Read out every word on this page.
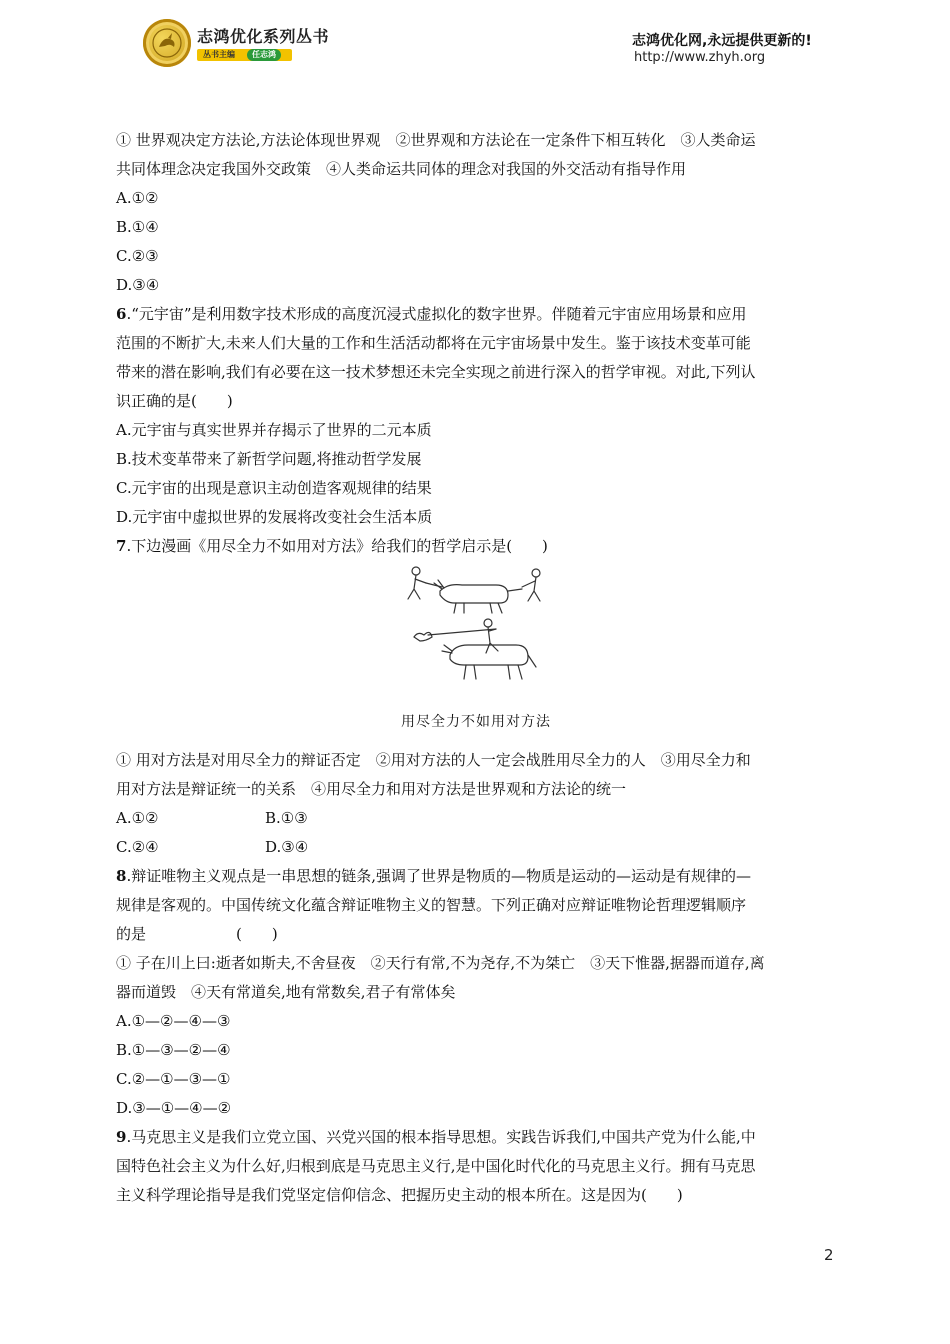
志鸿优化系列丛书
丛书主编	任志鸿
志鸿优化网,永远提供更新的!
http://www.zhyh.org
① 世界观决定方法论,方法论体现世界观　②世界观和方法论在一定条件下相互转化　③人类命运
共同体理念决定我国外交政策　④人类命运共同体的理念对我国的外交活动有指导作用
A.①②
B.①④
C.②③
D.③④
6.“元宇宙”是利用数字技术形成的高度沉浸式虚拟化的数字世界。伴随着元宇宙应用场景和应用
范围的不断扩大,未来人们大量的工作和生活活动都将在元宇宙场景中发生。鉴于该技术变革可能
带来的潜在影响,我们有必要在这一技术梦想还未完全实现之前进行深入的哲学审视。对此,下列认
识正确的是(　　)
A.元宇宙与真实世界并存揭示了世界的二元本质
B.技术变革带来了新哲学问题,将推动哲学发展
C.元宇宙的出现是意识主动创造客观规律的结果
D.元宇宙中虚拟世界的发展将改变社会生活本质
7.下边漫画《用尽全力不如用对方法》给我们的哲学启示是(　　)
用尽全力不如用对方法
① 用对方法是对用尽全力的辩证否定　②用对方法的人一定会战胜用尽全力的人　③用尽全力和
用对方法是辩证统一的关系　④用尽全力和用对方法是世界观和方法论的统一
A.①②	B.①③
C.②④	D.③④
8.辩证唯物主义观点是一串思想的链条,强调了世界是物质的—物质是运动的—运动是有规律的—
规律是客观的。中国传统文化蕴含辩证唯物主义的智慧。下列正确对应辩证唯物论哲理逻辑顺序
的是　　　　　　(　　)
① 子在川上曰:逝者如斯夫,不舍昼夜　②天行有常,不为尧存,不为桀亡　③天下惟器,据器而道存,离
器而道毁　④天有常道矣,地有常数矣,君子有常体矣
A.①—②—④—③
B.①—③—②—④
C.②—①—③—①
D.③—①—④—②
9.马克思主义是我们立党立国、兴党兴国的根本指导思想。实践告诉我们,中国共产党为什么能,中
国特色社会主义为什么好,归根到底是马克思主义行,是中国化时代化的马克思主义行。拥有马克思
主义科学理论指导是我们党坚定信仰信念、把握历史主动的根本所在。这是因为(　　)
2
